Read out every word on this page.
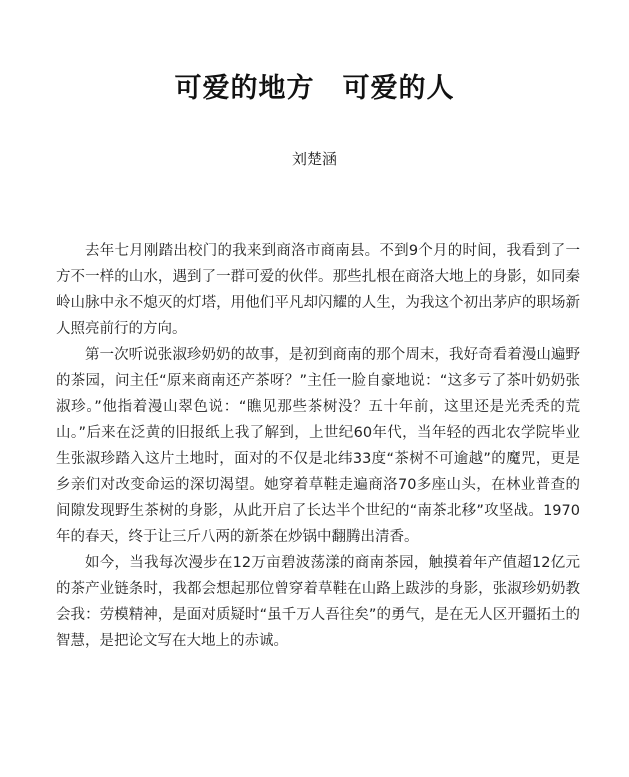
可爱的地方　可爱的人
刘楚涵

去年七月刚踏出校门的我来到商洛市商南县。不到9个月的时间，我看到了一方不一样的山水，遇到了一群可爱的伙伴。那些扎根在商洛大地上的身影，如同秦岭山脉中永不熄灭的灯塔，用他们平凡却闪耀的人生，为我这个初出茅庐的职场新人照亮前行的方向。

第一次听说张淑珍奶奶的故事，是初到商南的那个周末，我好奇看着漫山遍野的茶园，问主任“原来商南还产茶呀？”主任一脸自豪地说：“这多亏了茶叶奶奶张淑珍。”他指着漫山翠色说：“瞧见那些茶树没？五十年前，这里还是光秃秃的荒山。”后来在泛黄的旧报纸上我了解到，上世纪60年代，当年轻的西北农学院毕业生张淑珍踏入这片土地时，面对的不仅是北纬33度“茶树不可逾越”的魔咒，更是乡亲们对改变命运的深切渴望。她穿着草鞋走遍商洛70多座山头，在林业普查的间隙发现野生茶树的身影，从此开启了长达半个世纪的“南茶北移”攻坚战。1970年的春天，终于让三斤八两的新茶在炒锅中翻腾出清香。

如今，当我每次漫步在12万亩碧波荡漾的商南茶园，触摸着年产值超12亿元的茶产业链条时，我都会想起那位曾穿着草鞋在山路上跋涉的身影，张淑珍奶奶教会我：劳模精神，是面对质疑时“虽千万人吾往矣”的勇气，是在无人区开疆拓土的智慧，是把论文写在大地上的赤诚。
